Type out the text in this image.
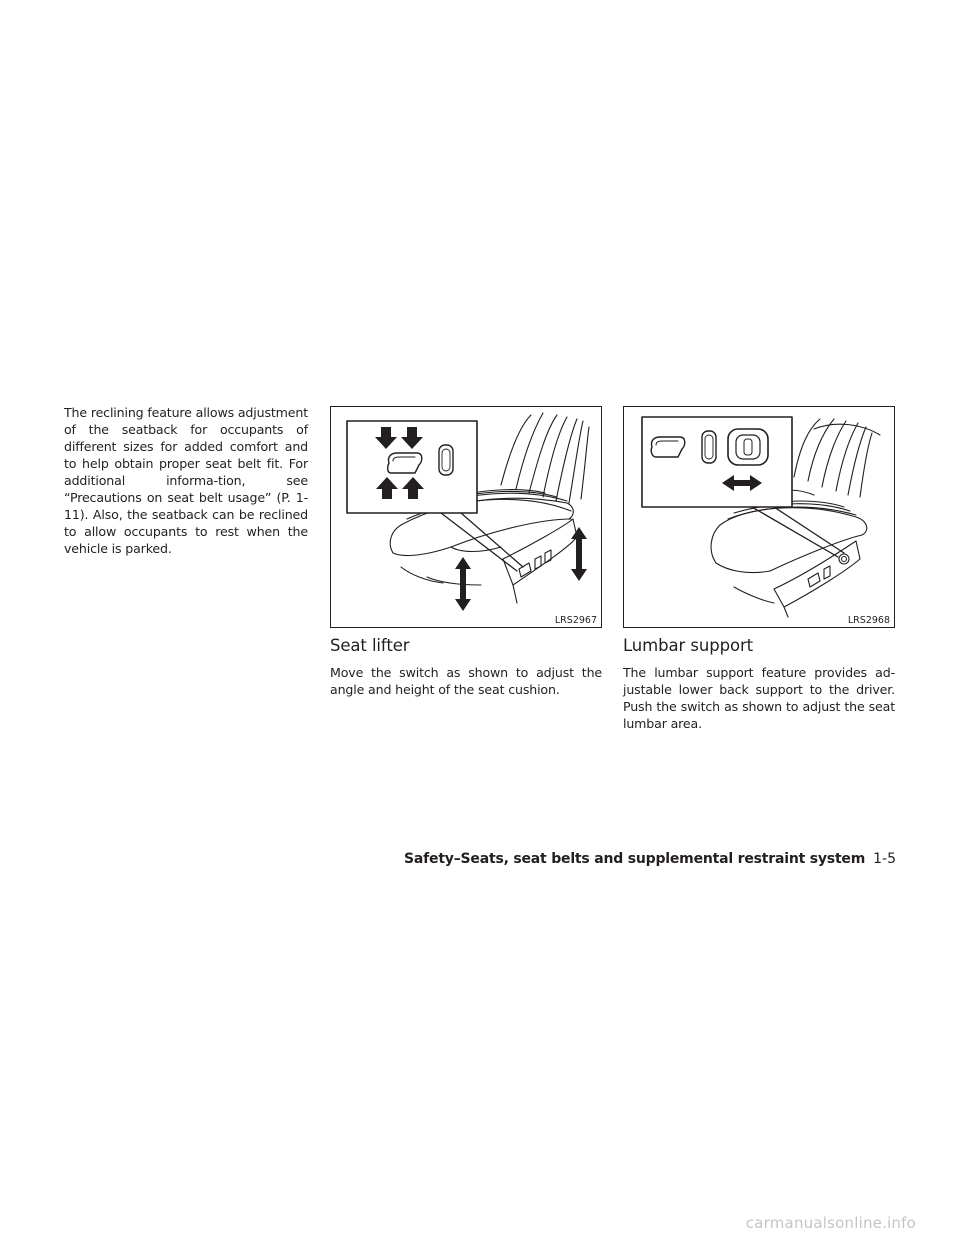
The reclining feature allows adjustment of the seatback for occupants of different sizes for added comfort and to help obtain proper seat belt fit. For additional informa-tion, see “Precautions on seat belt usage” (P. 1-11). Also, the seatback can be reclined to allow occupants to rest when the vehicle is parked.

LRS2967	LRS2968
Seat lifter

Move the switch as shown to adjust the angle and height of the seat cushion.

Lumbar support

The lumbar support feature provides ad-justable lower back support to the driver. Push the switch as shown to adjust the seat lumbar area.

Safety–Seats, seat belts and supplemental restraint system 1-5
carmanualsonline.info
